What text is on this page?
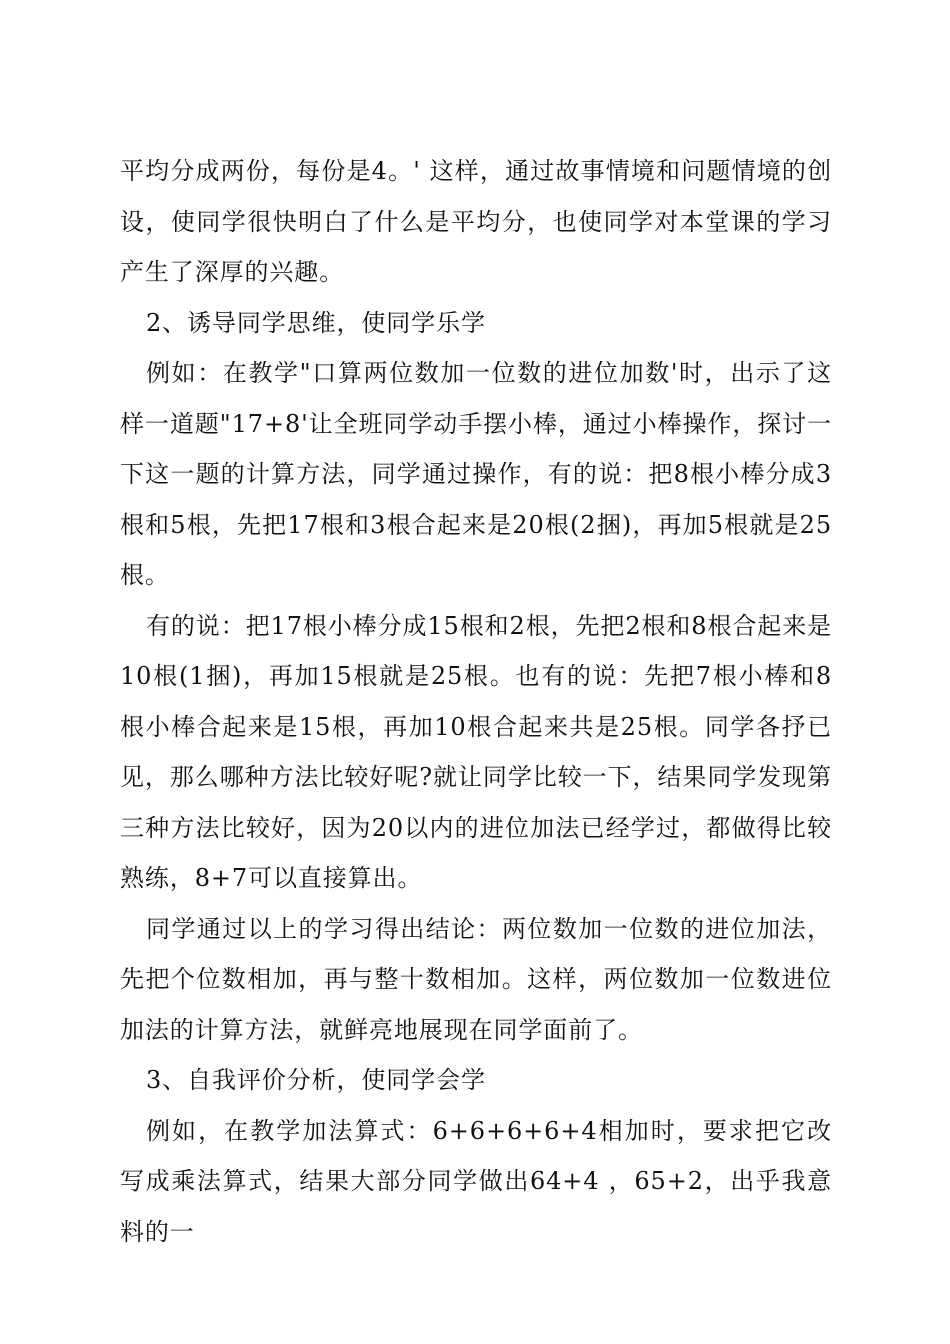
平均分成两份，每份是4。' 这样，通过故事情境和问题情境的创设，使同学很快明白了什么是平均分，也使同学对本堂课的学习产生了深厚的兴趣。

2、诱导同学思维，使同学乐学

例如：在教学"口算两位数加一位数的进位加数'时，出示了这样一道题"17+8'让全班同学动手摆小棒，通过小棒操作，探讨一下这一题的计算方法，同学通过操作，有的说：把8根小棒分成3根和5根，先把17根和3根合起来是20根(2捆)，再加5根就是25根。

有的说：把17根小棒分成15根和2根，先把2根和8根合起来是10根(1捆)，再加15根就是25根。也有的说：先把7根小棒和8根小棒合起来是15根，再加10根合起来共是25根。同学各抒已见，那么哪种方法比较好呢?就让同学比较一下，结果同学发现第三种方法比较好，因为20以内的进位加法已经学过，都做得比较熟练，8+7可以直接算出。

同学通过以上的学习得出结论：两位数加一位数的进位加法，先把个位数相加，再与整十数相加。这样，两位数加一位数进位加法的计算方法，就鲜亮地展现在同学面前了。

3、自我评价分析，使同学会学

例如，在教学加法算式：6+6+6+6+4相加时，要求把它改写成乘法算式，结果大部分同学做出64+4 ，65+2，出乎我意料的一
